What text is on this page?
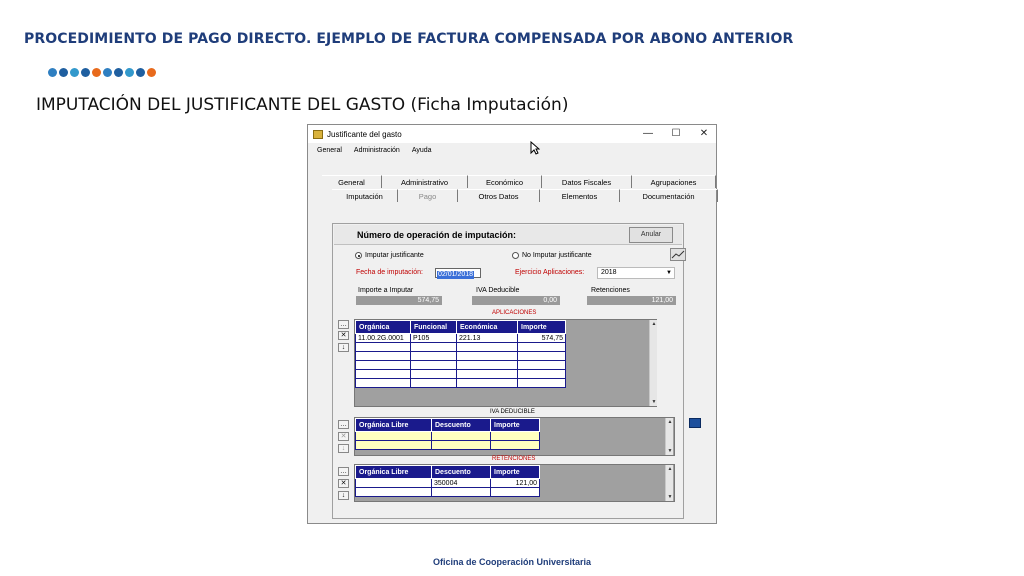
PROCEDIMIENTO DE PAGO DIRECTO. EJEMPLO DE FACTURA COMPENSADA POR ABONO ANTERIOR
IMPUTACIÓN DEL JUSTIFICANTE DEL GASTO (Ficha Imputación)
Justificante del gasto	—	☐	✕
General Administración Ayuda
General	Administrativo	Económico	Datos Fiscales	Agrupaciones
Imputación	Pago	Otros Datos	Elementos	Documentación
Número de operación de imputación:	Anular
Imputar justificante	No Imputar justificante
Fecha de imputación:	02/01/2018	Ejercicio Aplicaciones:	2018	▼
Importe a Imputar
574,75
IVA Deducible
0,00
Retenciones
121,00
APLICACIONES
…
✕
↓
Orgánica	Funcional	Económica	Importe
11.00.2G.0001	P105	221.13	574,75

▲
▼
IVA DEDUCIBLE
…
✕
↓
Orgánica Libre	Descuento	Importe

			▲
▼
RETENCIONES
…
✕
↓
Orgánica Libre	Descuento	Importe
	350004	121,00

▲
▼
Oficina de Cooperación Universitaria
